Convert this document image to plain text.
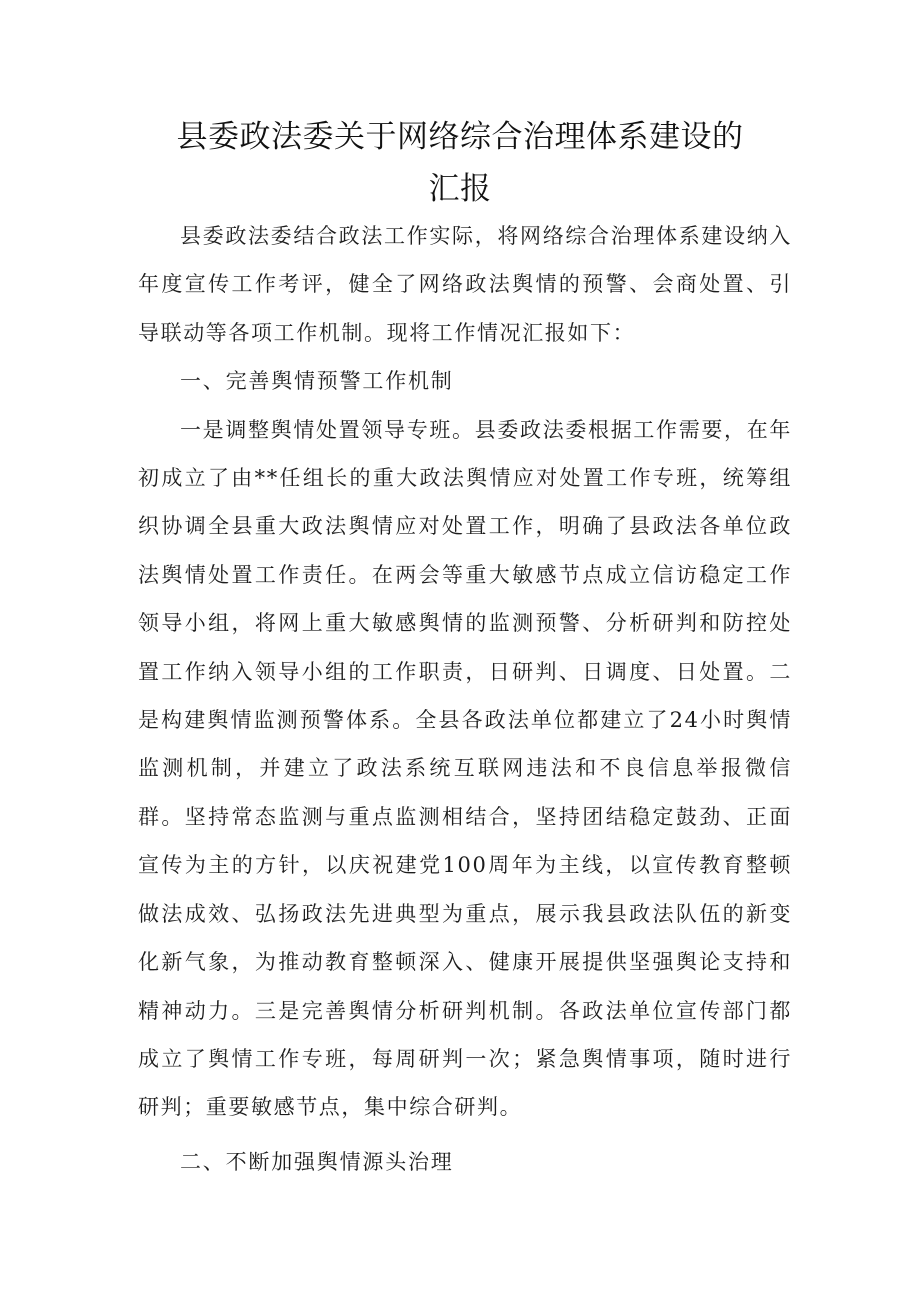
县委政法委关于网络综合治理体系建设的
汇报

县委政法委结合政法工作实际，将网络综合治理体系建设纳入年度宣传工作考评，健全了网络政法舆情的预警、会商处置、引导联动等各项工作机制。现将工作情况汇报如下：

一、完善舆情预警工作机制

一是调整舆情处置领导专班。县委政法委根据工作需要，在年初成立了由**任组长的重大政法舆情应对处置工作专班，统筹组织协调全县重大政法舆情应对处置工作，明确了县政法各单位政法舆情处置工作责任。在两会等重大敏感节点成立信访稳定工作领导小组，将网上重大敏感舆情的监测预警、分析研判和防控处置工作纳入领导小组的工作职责，日研判、日调度、日处置。二是构建舆情监测预警体系。全县各政法单位都建立了24小时舆情监测机制，并建立了政法系统互联网违法和不良信息举报微信群。坚持常态监测与重点监测相结合，坚持团结稳定鼓劲、正面宣传为主的方针，以庆祝建党100周年为主线，以宣传教育整顿做法成效、弘扬政法先进典型为重点，展示我县政法队伍的新变化新气象，为推动教育整顿深入、健康开展提供坚强舆论支持和精神动力。三是完善舆情分析研判机制。各政法单位宣传部门都成立了舆情工作专班，每周研判一次；紧急舆情事项，随时进行研判；重要敏感节点，集中综合研判。

二、不断加强舆情源头治理
